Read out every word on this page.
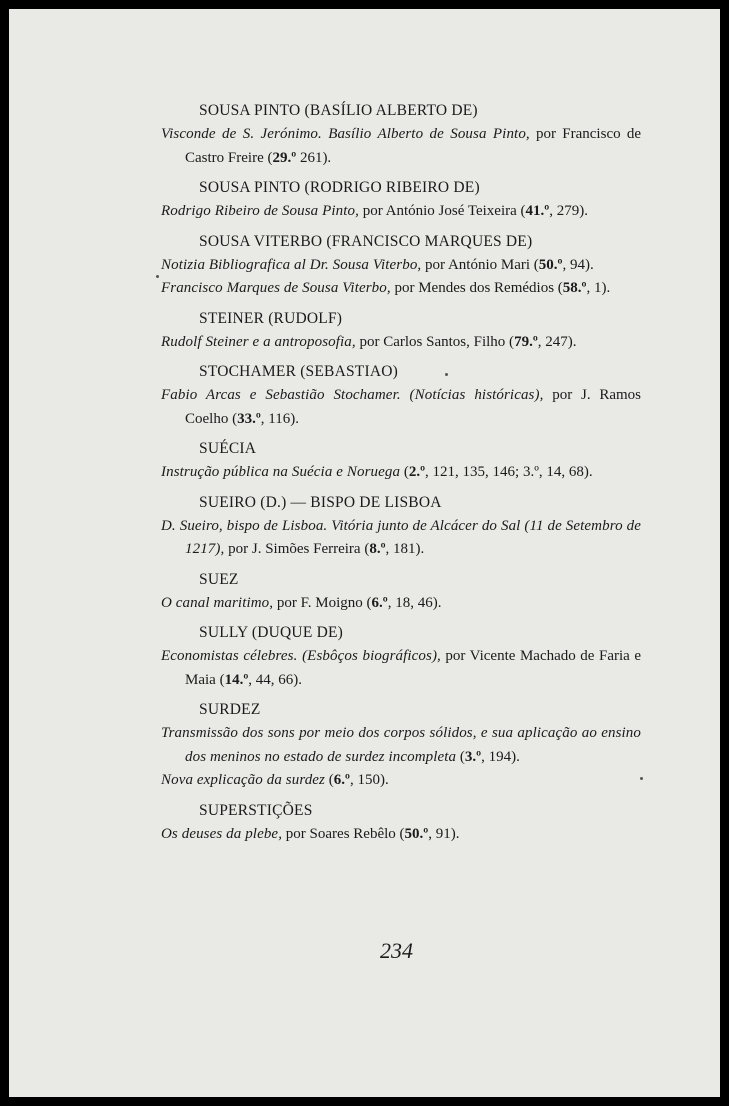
SOUSA PINTO (BASÍLIO ALBERTO DE)
Visconde de S. Jerónimo. Basílio Alberto de Sousa Pinto, por Francisco de Castro Freire (29.º 261).
SOUSA PINTO (RODRIGO RIBEIRO DE)
Rodrigo Ribeiro de Sousa Pinto, por António José Teixeira (41.º, 279).
SOUSA VITERBO (FRANCISCO MARQUES DE)
Notizia Bibliografica al Dr. Sousa Viterbo, por António Mari (50.º, 94).
Francisco Marques de Sousa Viterbo, por Mendes dos Remédios (58.º, 1).
STEINER (RUDOLF)
Rudolf Steiner e a antroposofia, por Carlos Santos, Filho (79.º, 247).
STOCHAMER (SEBASTIAO)
Fabio Arcas e Sebastião Stochamer. (Notícias históricas), por J. Ramos Coelho (33.º, 116).
SUÉCIA
Instrução pública na Suécia e Noruega (2.º, 121, 135, 146; 3.º, 14, 68).
SUEIRO (D.) — BISPO DE LISBOA
D. Sueiro, bispo de Lisboa. Vitória junto de Alcácer do Sal (11 de Setembro de 1217), por J. Simões Ferreira (8.º, 181).
SUEZ
O canal maritimo, por F. Moigno (6.º, 18, 46).
SULLY (DUQUE DE)
Economistas célebres. (Esbôços biográficos), por Vicente Machado de Faria e Maia (14.º, 44, 66).
SURDEZ
Transmissão dos sons por meio dos corpos sólidos, e sua aplicação ao ensino dos meninos no estado de surdez incompleta (3.º, 194).
Nova explicação da surdez (6.º, 150).
SUPERSTIÇÕES
Os deuses da plebe, por Soares Rebêlo (50.º, 91).
234
